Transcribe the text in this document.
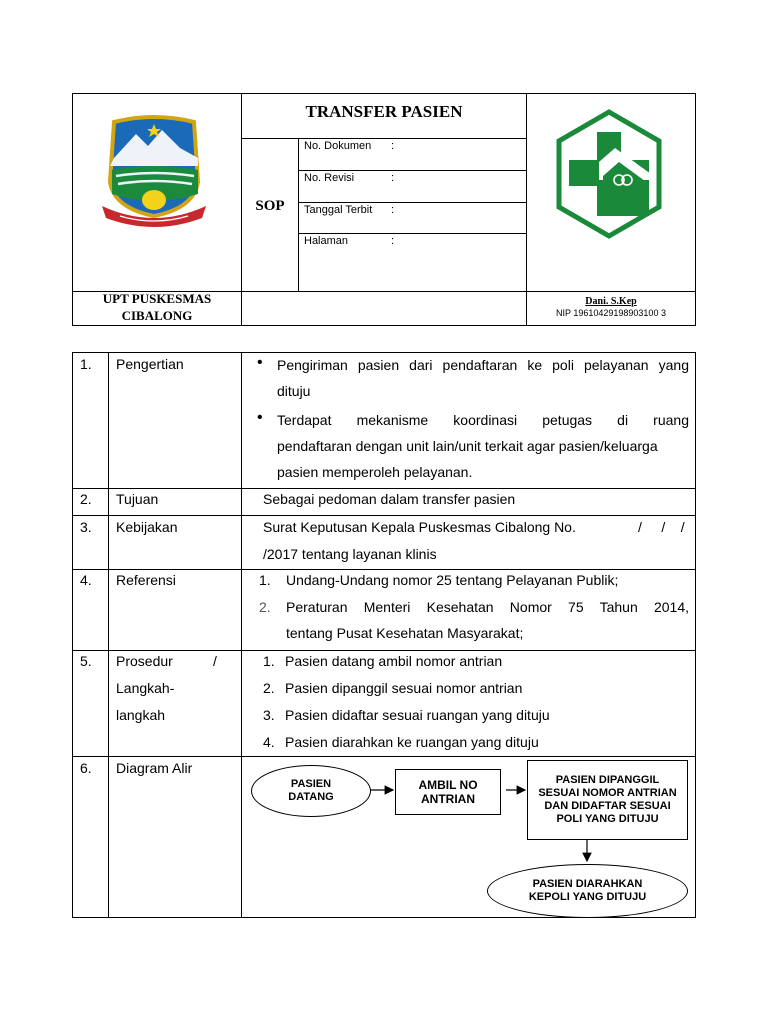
TRANSFER PASIEN
SOP
No. Dokumen :
No. Revisi	:
Tanggal Terbit :
Halaman	:
UPT PUSKESMAS
CIBALONG
Dani. S.Kep
NIP 19610429198903100 3
1. Pengertian	• Pengiriman pasien dari pendaftaran ke poli pelayanan yang
dituju
• Terdapat mekanisme koordinasi petugas di ruang
pendaftaran dengan unit lain/unit terkait agar pasien/keluarga
pasien memperoleh pelayanan.
2. Tujuan	Sebagai pedoman dalam transfer pasien
3. Kebijakan	Surat Keputusan Kepala Puskesmas Cibalong No.	/     /    /
/2017 tentang layanan klinis
4. Referensi	1. Undang-Undang nomor 25 tentang Pelayanan Publik;
2. Peraturan Menteri Kesehatan Nomor 75 Tahun 2014,
tentang Pusat Kesehatan Masyarakat;
5. Prosedur	/
Langkah-
langkah
1. Pasien datang ambil nomor antrian
2. Pasien dipanggil sesuai nomor antrian
3. Pasien didaftar sesuai ruangan yang dituju
4. Pasien diarahkan ke ruangan yang dituju
6. Diagram Alir
PASIEN
DATANG
AMBIL NO
ANTRIAN
PASIEN DIPANGGIL
SESUAI NOMOR ANTRIAN
DAN DIDAFTAR SESUAI
POLI YANG DITUJU
PASIEN DIARAHKAN
KEPOLI YANG DITUJU
